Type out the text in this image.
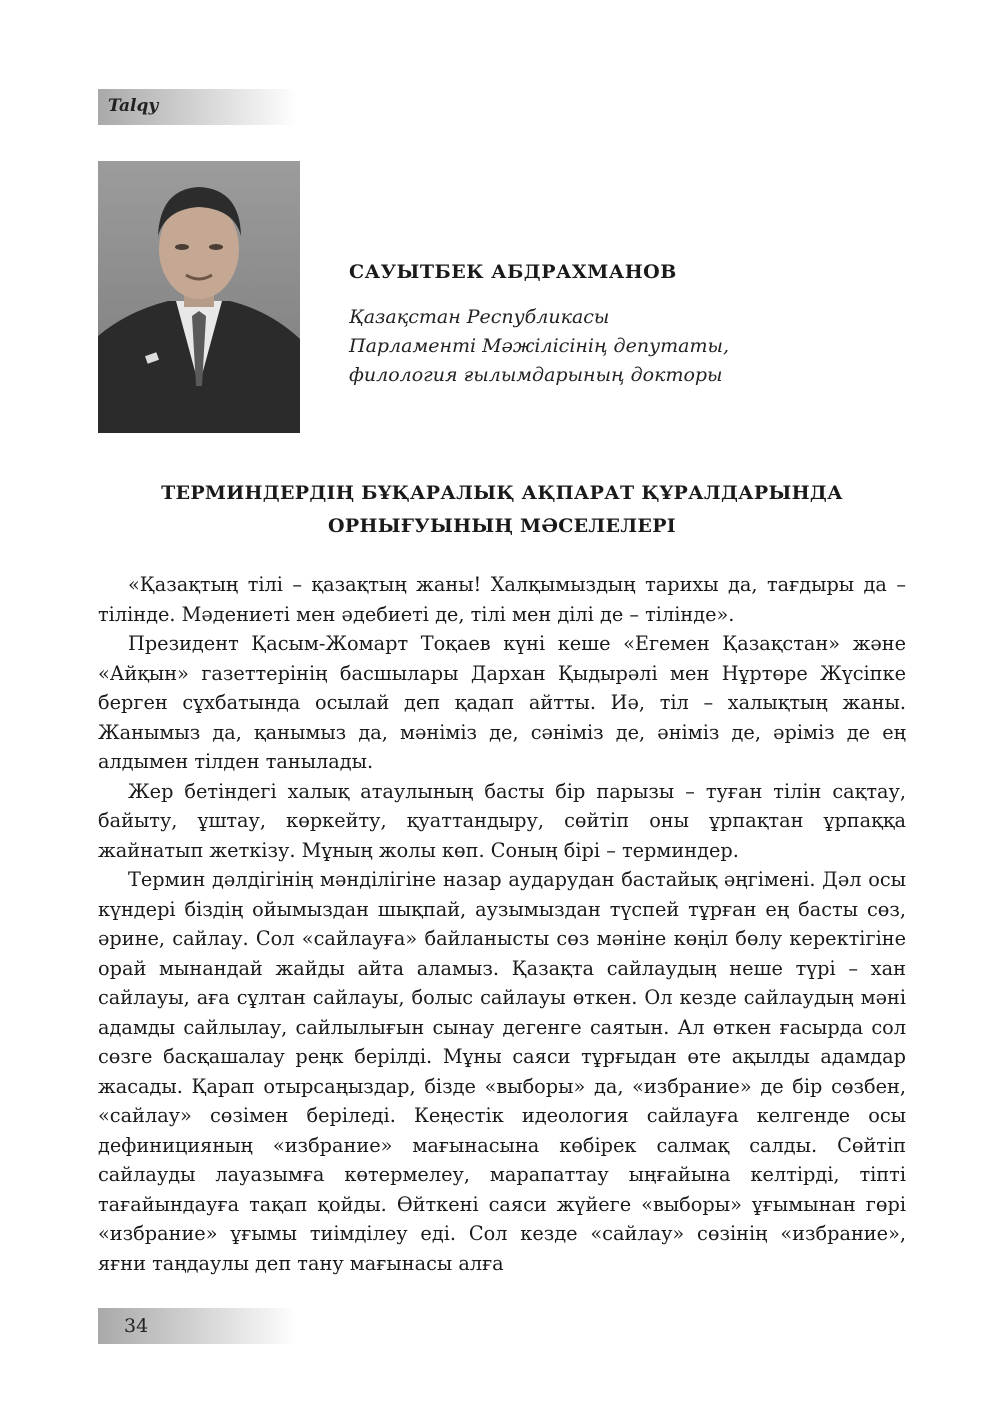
Talqy
САУЫТБЕК АБДРАХМАНОВ
Қазақстан Республикасы
Парламенті Мәжілісінің депутаты,
филология ғылымдарының докторы
ТЕРМИНДЕРДІҢ БҰҚАРАЛЫҚ АҚПАРАТ ҚҰРАЛДАРЫНДА
ОРНЫҒУЫНЫҢ МӘСЕЛЕЛЕРІ

«Қазақтың тілі – қазақтың жаны! Халқымыздың тарихы да, тағдыры да – тілінде. Мәдениеті мен әдебиеті де, тілі мен ділі де – тілінде».

Президент Қасым-Жомарт Тоқаев күні кеше «Егемен Қазақстан» және «Айқын» газеттерінің басшылары Дархан Қыдырәлі мен Нұртөре Жүсіпке берген сұхбатында осылай деп қадап айтты. Иә, тіл – халықтың жаны. Жанымыз да, қанымыз да, мәніміз де, сәніміз де, әніміз де, әріміз де ең алдымен тілден танылады.

Жер бетіндегі халық атаулының басты бір парызы – туған тілін сақтау, байыту, ұштау, көркейту, қуаттандыру, сөйтіп оны ұрпақтан ұрпаққа жайнатып жеткізу. Мұның жолы көп. Соның бірі – терминдер.

Термин дәлдігінің мәнділігіне назар аударудан бастайық әңгімені. Дәл осы күндері біздің ойымыздан шықпай, аузымыздан түспей тұрған ең басты сөз, әрине, сайлау. Сол «сайлауға» байланысты сөз мәніне көңіл бөлу керектігіне орай мынандай жайды айта аламыз. Қазақта сайлаудың неше түрі – хан сайлауы, аға сұлтан сайлауы, болыс сайлауы өткен. Ол кезде сайлаудың мәні адамды сайлылау, сайлылығын сынау дегенге саятын. Ал өткен ғасырда сол сөзге басқашалау реңк берілді. Мұны саяси тұрғыдан өте ақылды адамдар жасады. Қарап отырсаңыздар, бізде «выборы» да, «избрание» де бір сөзбен, «сайлау» сөзімен беріледі. Кеңестік идеология сайлауға келгенде осы дефиницияның «избрание» мағынасына көбірек салмақ салды. Сөйтіп сайлауды лауазымға көтермелеу, марапаттау ыңғайына келтірді, тіпті тағайындауға тақап қойды. Өйткені саяси жүйеге «выборы» ұғымынан гөрі «избрание» ұғымы тиімділеу еді. Сол кезде «сайлау» сөзінің «избрание», яғни таңдаулы деп тану мағынасы алға

34
